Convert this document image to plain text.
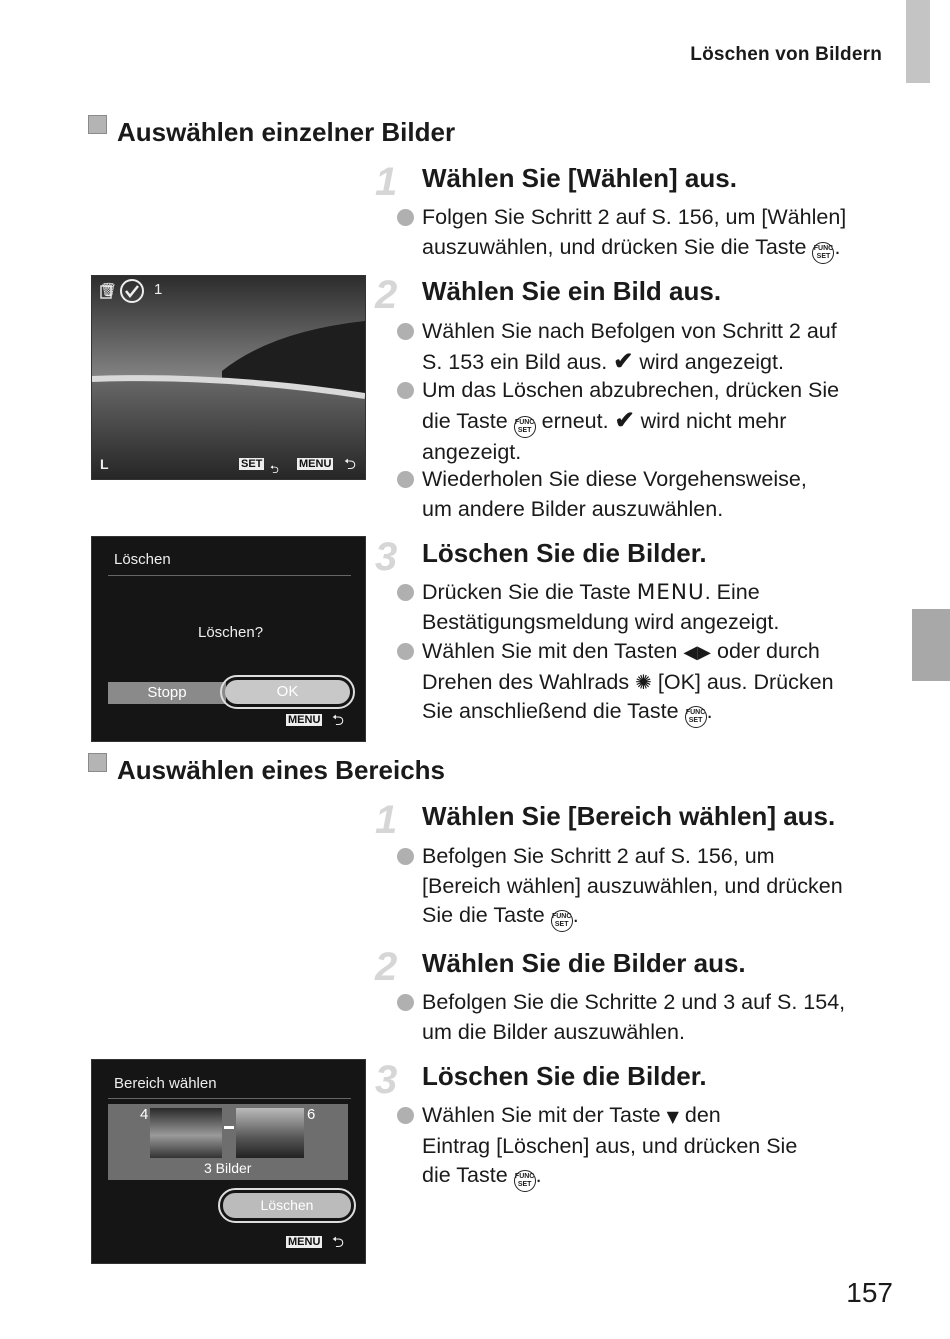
Löschen von Bildern
Auswählen einzelner Bilder
1 Wählen Sie [Wählen] aus.
Folgen Sie Schritt 2 auf S. 156, um [Wählen]
auszuwählen, und drücken Sie die Taste FUNC
SET .
⮌
🗑 1
L	SET	MENU ⮌
2 Wählen Sie ein Bild aus.
Wählen Sie nach Befolgen von Schritt 2 auf
S. 153 ein Bild aus. ✔ wird angezeigt.
Um das Löschen abzubrechen, drücken Sie
die Taste FUNC
SET erneut. ✔ wird nicht mehr
angezeigt.
Wiederholen Sie diese Vorgehensweise,
um andere Bilder auszuwählen.
Löschen
Löschen?
Stopp	OK
MENU ⮌
3 Löschen Sie die Bilder.
Drücken Sie die Taste MENU. Eine
Bestätigungsmeldung wird angezeigt.
Wählen Sie mit den Tasten ◀▶ oder durch
Drehen des Wahlrads ✺ [OK] aus. Drücken
Sie anschließend die Taste FUNC
SET .
Auswählen eines Bereichs
1 Wählen Sie [Bereich wählen] aus.
Befolgen Sie Schritt 2 auf S. 156, um
[Bereich wählen] auszuwählen, und drücken
Sie die Taste FUNC
SET .
2 Wählen Sie die Bilder aus.
Befolgen Sie die Schritte 2 und 3 auf S. 154,
um die Bilder auszuwählen.
Bereich wählen
4	6
3 Bilder
Löschen
MENU ⮌
3 Löschen Sie die Bilder.
Wählen Sie mit der Taste ▼ den
Eintrag [Löschen] aus, und drücken Sie
die Taste FUNC
SET .
157
